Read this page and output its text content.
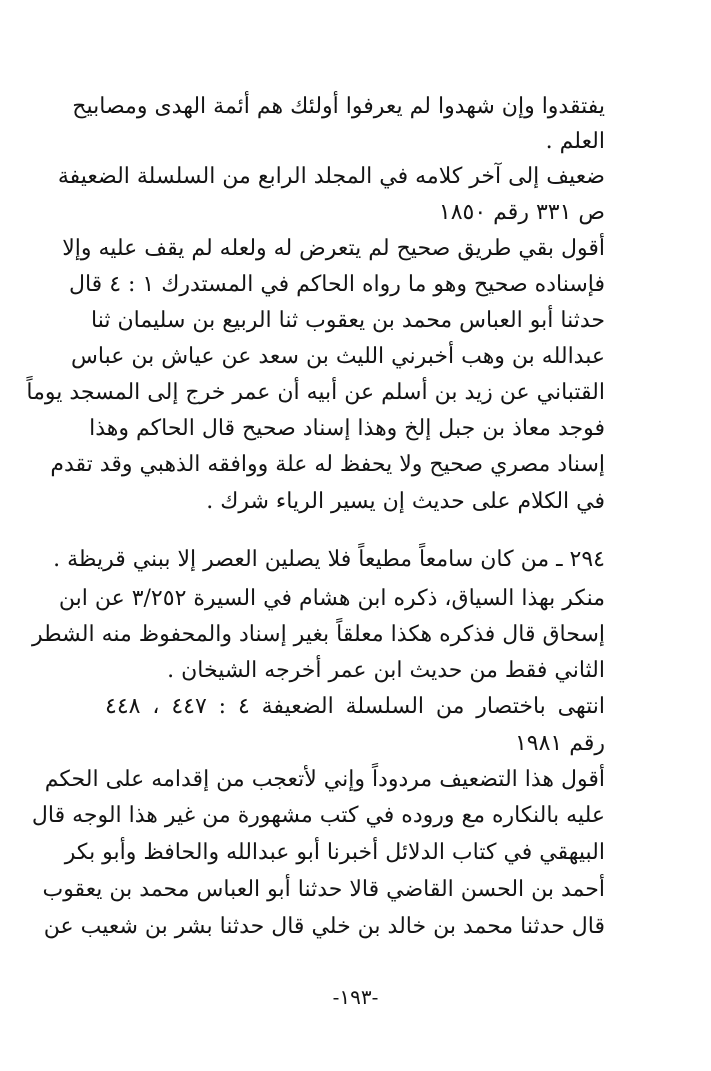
يفتقدوا وإن شهدوا لم يعرفوا أولئك هم أئمة الهدى ومصابيح
العلم .
ضعيف إلى آخر كلامه في المجلد الرابع من السلسلة الضعيفة
ص ٣٣١ رقم ١٨٥٠
أقول بقي طريق صحيح لم يتعرض له ولعله لم يقف عليه وإلا
فإسناده صحيح وهو ما رواه الحاكم في المستدرك ١ : ٤ قال
حدثنا أبو العباس محمد بن يعقوب ثنا الربيع بن سليمان ثنا
عبدالله بن وهب أخبرني الليث بن سعد عن عياش بن عباس
القتباني عن زيد بن أسلم عن أبيه أن عمر خرج إلى المسجد يوماً
فوجد معاذ بن جبل إلخ وهذا إسناد صحيح قال الحاكم وهذا
إسناد مصري صحيح ولا يحفظ له علة ووافقه الذهبي وقد تقدم
في الكلام على حديث إن يسير الرياء شرك .
٢٩٤ ـ من كان سامعاً مطيعاً فلا يصلين العصر إلا ببني قريظة .
منكر بهذا السياق، ذكره ابن هشام في السيرة ٣/٢٥٢ عن ابن
إسحاق قال فذكره هكذا معلقاً بغير إسناد والمحفوظ منه الشطر
الثاني فقط من حديث ابن عمر أخرجه الشيخان .
انتهى باختصار من السلسلة الضعيفة ٤ : ٤٤٧ ، ٤٤٨
رقم ١٩٨١
أقول هذا التضعيف مردوداً وإني لأتعجب من إقدامه على الحكم
عليه بالنكاره مع وروده في كتب مشهورة من غير هذا الوجه قال
البيهقي في كتاب الدلائل أخبرنا أبو عبدالله والحافظ وأبو بكر
أحمد بن الحسن القاضي قالا حدثنا أبو العباس محمد بن يعقوب
قال حدثنا محمد بن خالد بن خلي قال حدثنا بشر بن شعيب عن
-١٩٣-
